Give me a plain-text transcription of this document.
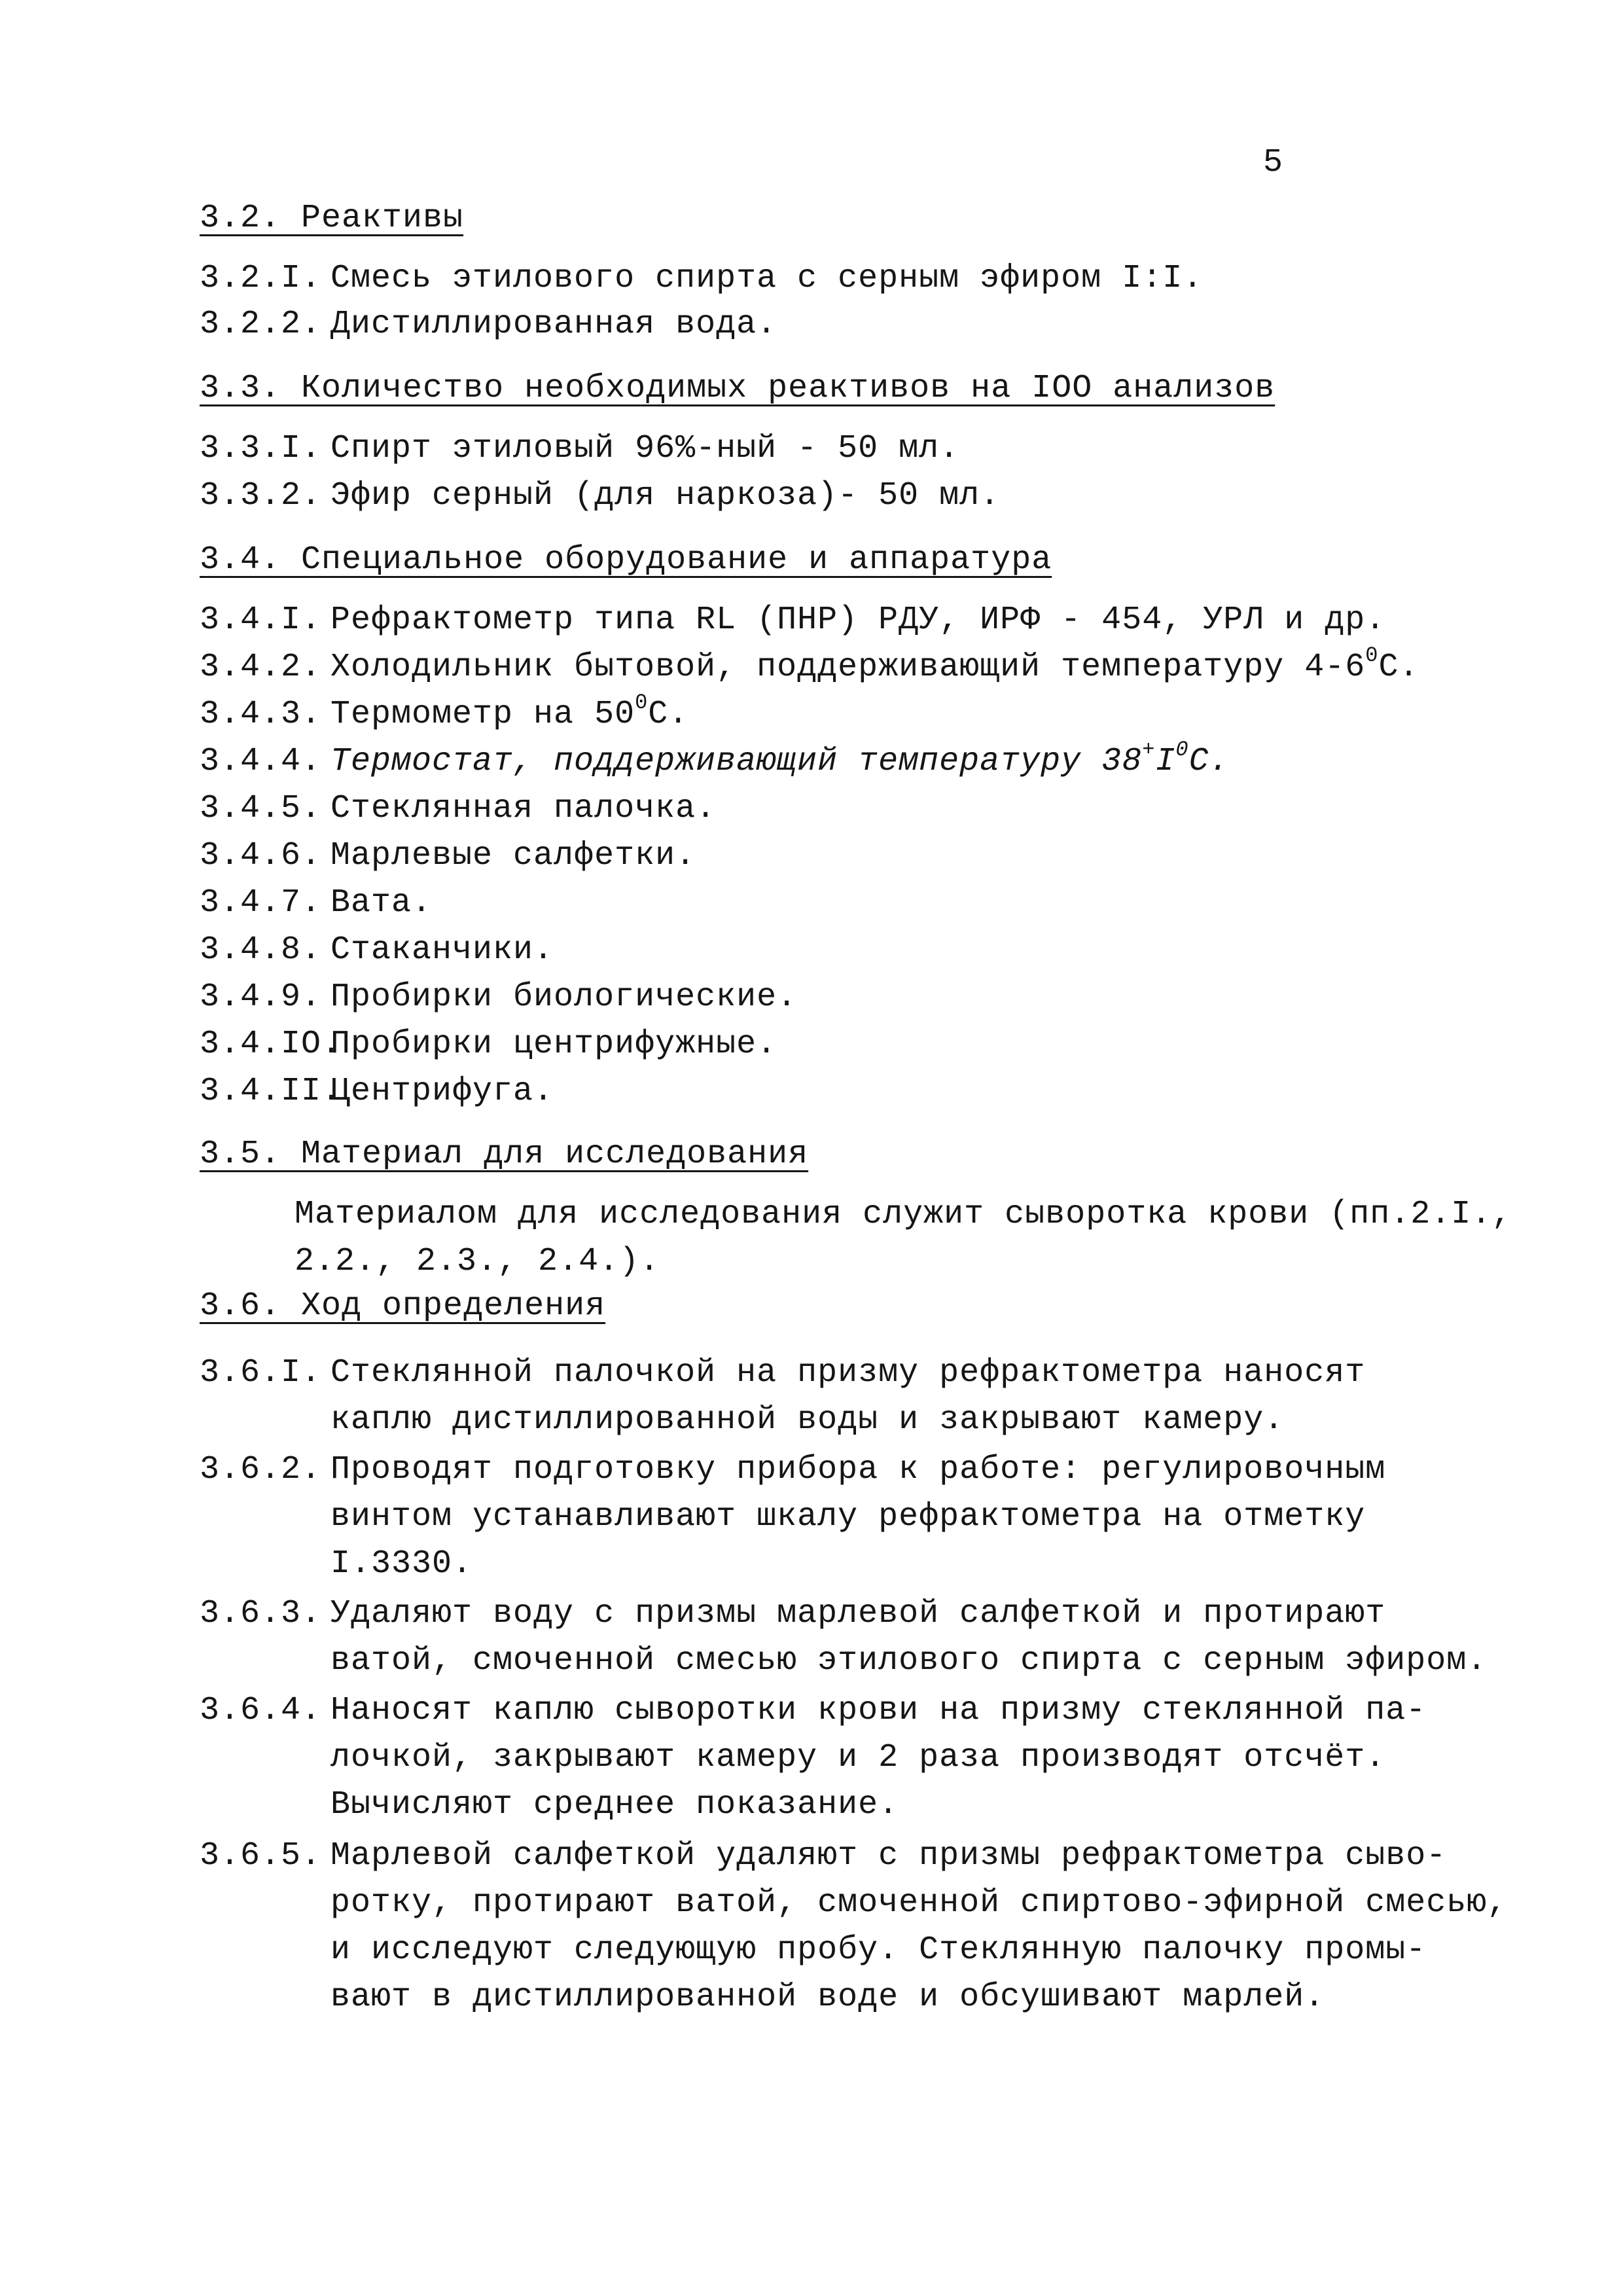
5
3.2. Реактивы
3.2.I. Смесь этилового спирта с серным эфиром I:I.
3.2.2. Дистиллированная вода.
3.3. Количество необходимых реактивов на IOO анализов
3.3.I. Спирт этиловый 96%-ный - 50 мл.
3.3.2. Эфир серный (для наркоза)- 50 мл.
3.4. Специальное оборудование и аппаратура
3.4.I. Рефрактометр типа RL (ПНР) РДУ, ИРФ - 454, УРЛ и др.
3.4.2. Холодильник бытовой, поддерживающий температуру $4-6^0С$.
3.4.3. Термометр на $50^0С$.
3.4.4. Термостат, поддерживающий температуру $38^+I^0С$.
3.4.5. Стеклянная палочка.
3.4.6. Марлевые салфетки.
3.4.7. Вата.
3.4.8. Стаканчики.
3.4.9. Пробирки биологические.
3.4.IO.Пробирки центрифужные.
3.4.II.Центрифуга.
3.5. Материал для исследования
Материалом для исследования служит сыворотка крови (пп.2.I.,
2.2., 2.3., 2.4.).
3.6. Ход определения
3.6.I. Стеклянной палочкой на призму рефрактометра наносят
каплю дистиллированной воды и закрывают камеру.
3.6.2. Проводят подготовку прибора к работе: регулировочным
винтом устанавливают шкалу рефрактометра на отметку
I.3330.
3.6.3. Удаляют воду с призмы марлевой салфеткой и протирают
ватой, смоченной смесью этилового спирта с серным эфиром.
3.6.4. Наносят каплю сыворотки крови на призму стеклянной па-
лочкой, закрывают камеру и 2 раза производят отсчёт.
Вычисляют среднее показание.
3.6.5. Марлевой салфеткой удаляют с призмы рефрактометра сыво-
ротку, протирают ватой, смоченной спиртово-эфирной смесью,
и исследуют следующую пробу. Стеклянную палочку промы-
вают в дистиллированной воде и обсушивают марлей.
